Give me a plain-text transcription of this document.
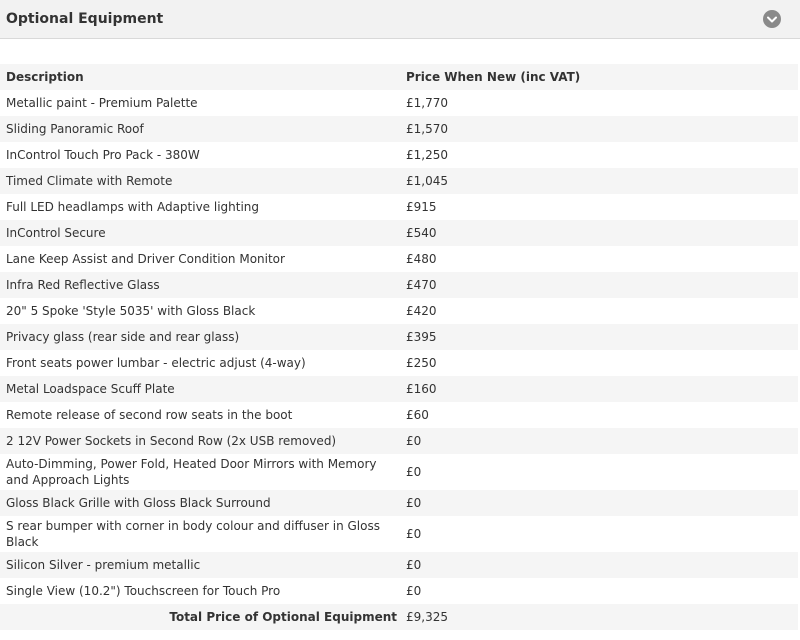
Optional Equipment
Description	Price When New (inc VAT)
Metallic paint - Premium Palette	£1,770
Sliding Panoramic Roof	£1,570
InControl Touch Pro Pack - 380W	£1,250
Timed Climate with Remote	£1,045
Full LED headlamps with Adaptive lighting	£915
InControl Secure	£540
Lane Keep Assist and Driver Condition Monitor	£480
Infra Red Reflective Glass	£470
20" 5 Spoke 'Style 5035' with Gloss Black	£420
Privacy glass (rear side and rear glass)	£395
Front seats power lumbar - electric adjust (4-way)	£250
Metal Loadspace Scuff Plate	£160
Remote release of second row seats in the boot	£60
2 12V Power Sockets in Second Row (2x USB removed)	£0
Auto-Dimming, Power Fold, Heated Door Mirrors with Memory and Approach Lights	£0
Gloss Black Grille with Gloss Black Surround	£0
S rear bumper with corner in body colour and diffuser in Gloss Black	£0
Silicon Silver - premium metallic	£0
Single View (10.2") Touchscreen for Touch Pro	£0
Total Price of Optional Equipment	£9,325
